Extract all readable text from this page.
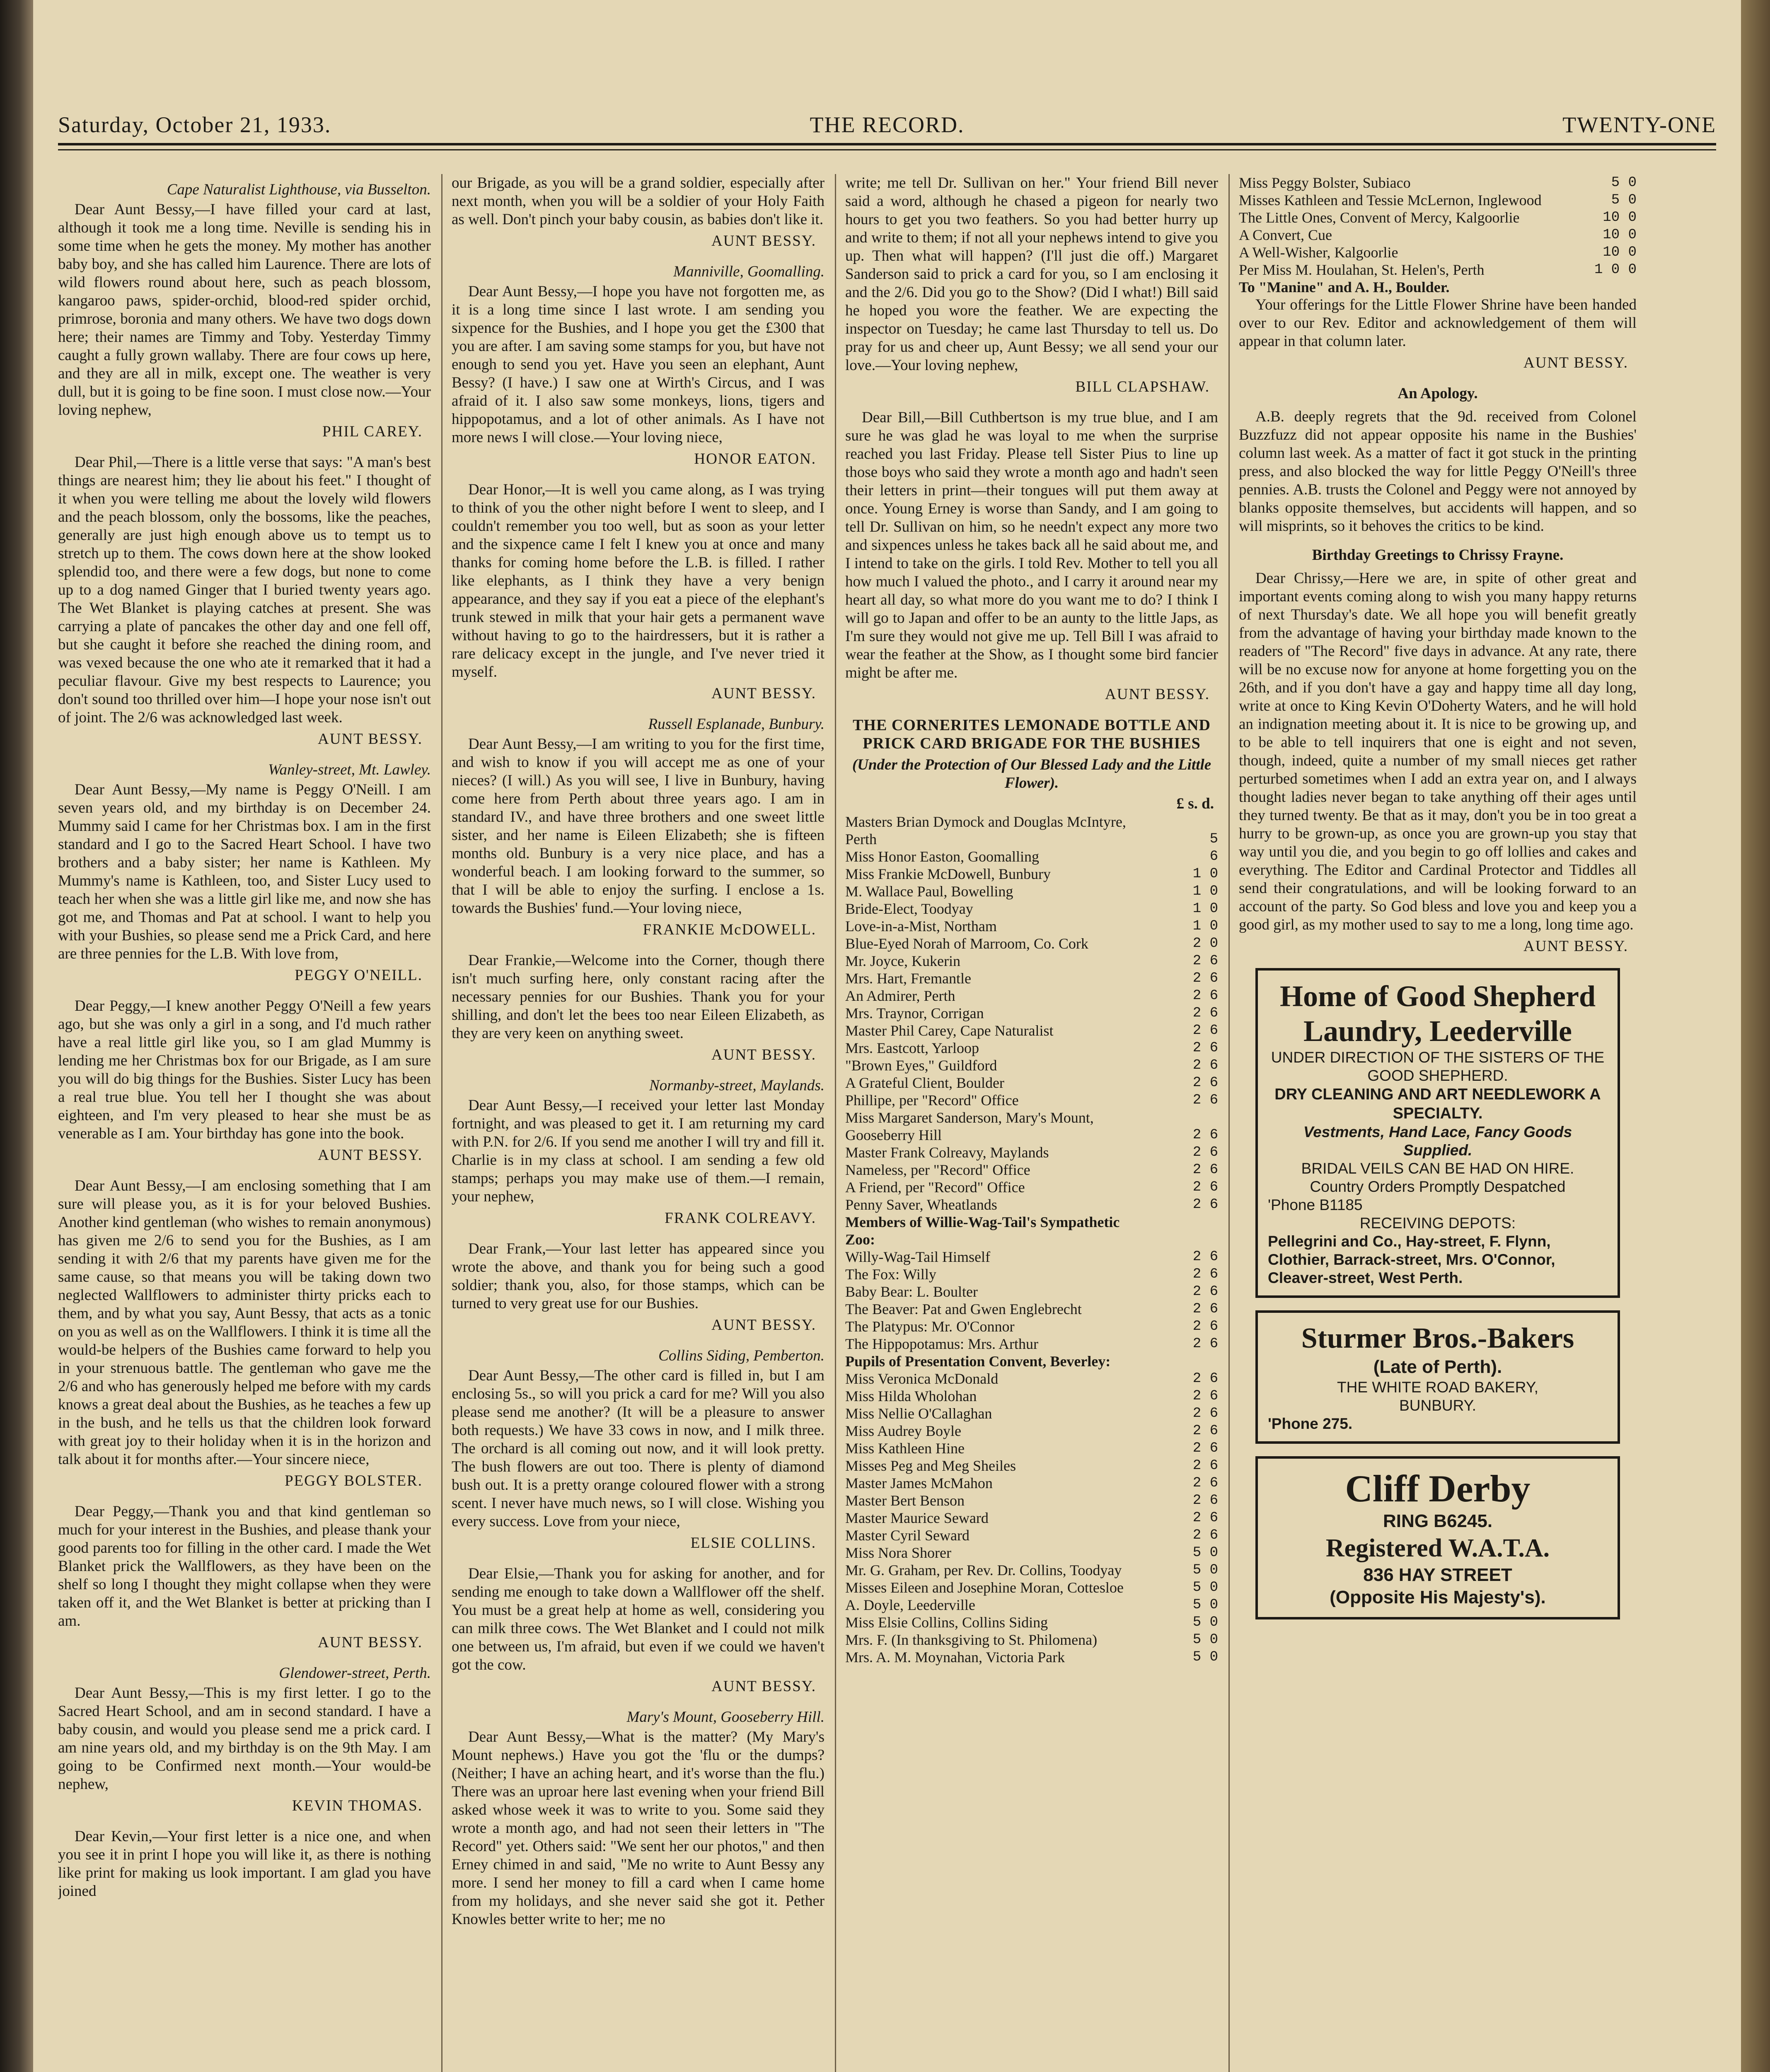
Saturday, October 21, 1933.	THE RECORD.	TWENTY-ONE

Cape Naturalist Lighthouse, via Busselton.

Dear Aunt Bessy,—I have filled your card at last, although it took me a long time. Neville is sending his in some time when he gets the money. My mother has another baby boy, and she has called him Laurence. There are lots of wild flowers round about here, such as peach blossom, kangaroo paws, spider-orchid, blood-red spider orchid, primrose, boronia and many others. We have two dogs down here; their names are Timmy and Toby. Yesterday Timmy caught a fully grown wallaby. There are four cows up here, and they are all in milk, except one. The weather is very dull, but it is going to be fine soon. I must close now.—Your loving nephew,

PHIL CAREY.

Dear Phil,—There is a little verse that says: "A man's best things are nearest him; they lie about his feet." I thought of it when you were telling me about the lovely wild flowers and the peach blossom, only the bossoms, like the peaches, generally are just high enough above us to tempt us to stretch up to them. The cows down here at the show looked splendid too, and there were a few dogs, but none to come up to a dog named Ginger that I buried twenty years ago. The Wet Blanket is playing catches at present. She was carrying a plate of pancakes the other day and one fell off, but she caught it before she reached the dining room, and was vexed because the one who ate it remarked that it had a peculiar flavour. Give my best respects to Laurence; you don't sound too thrilled over him—I hope your nose isn't out of joint. The 2/6 was acknowledged last week.

AUNT BESSY.

Wanley-street, Mt. Lawley.

Dear Aunt Bessy,—My name is Peggy O'Neill. I am seven years old, and my birthday is on December 24. Mummy said I came for her Christmas box. I am in the first standard and I go to the Sacred Heart School. I have two brothers and a baby sister; her name is Kathleen. My Mummy's name is Kathleen, too, and Sister Lucy used to teach her when she was a little girl like me, and now she has got me, and Thomas and Pat at school. I want to help you with your Bushies, so please send me a Prick Card, and here are three pennies for the L.B. With love from,

PEGGY O'NEILL.

Dear Peggy,—I knew another Peggy O'Neill a few years ago, but she was only a girl in a song, and I'd much rather have a real little girl like you, so I am glad Mummy is lending me her Christmas box for our Brigade, as I am sure you will do big things for the Bushies. Sister Lucy has been a real true blue. You tell her I thought she was about eighteen, and I'm very pleased to hear she must be as venerable as I am. Your birthday has gone into the book.

AUNT BESSY.

Dear Aunt Bessy,—I am enclosing something that I am sure will please you, as it is for your beloved Bushies. Another kind gentleman (who wishes to remain anonymous) has given me 2/6 to send you for the Bushies, as I am sending it with 2/6 that my parents have given me for the same cause, so that means you will be taking down two neglected Wallflowers to administer thirty pricks each to them, and by what you say, Aunt Bessy, that acts as a tonic on you as well as on the Wallflowers. I think it is time all the would-be helpers of the Bushies came forward to help you in your strenuous battle. The gentleman who gave me the 2/6 and who has generously helped me before with my cards knows a great deal about the Bushies, as he teaches a few up in the bush, and he tells us that the children look forward with great joy to their holiday when it is in the horizon and talk about it for months after.—Your sincere niece,

PEGGY BOLSTER.

Dear Peggy,—Thank you and that kind gentleman so much for your interest in the Bushies, and please thank your good parents too for filling in the other card. I made the Wet Blanket prick the Wallflowers, as they have been on the shelf so long I thought they might collapse when they were taken off it, and the Wet Blanket is better at pricking than I am.

AUNT BESSY.

Glendower-street, Perth.

Dear Aunt Bessy,—This is my first letter. I go to the Sacred Heart School, and am in second standard. I have a baby cousin, and would you please send me a prick card. I am nine years old, and my birthday is on the 9th May. I am going to be Confirmed next month.—Your would-be nephew,

KEVIN THOMAS.

Dear Kevin,—Your first letter is a nice one, and when you see it in print I hope you will like it, as there is nothing like print for making us look important. I am glad you have joined

our Brigade, as you will be a grand soldier, especially after next month, when you will be a soldier of your Holy Faith as well. Don't pinch your baby cousin, as babies don't like it.

AUNT BESSY.

Manniville, Goomalling.

Dear Aunt Bessy,—I hope you have not forgotten me, as it is a long time since I last wrote. I am sending you sixpence for the Bushies, and I hope you get the £300 that you are after. I am saving some stamps for you, but have not enough to send you yet. Have you seen an elephant, Aunt Bessy? (I have.) I saw one at Wirth's Circus, and I was afraid of it. I also saw some monkeys, lions, tigers and hippopotamus, and a lot of other animals. As I have not more news I will close.—Your loving niece,

HONOR EATON.

Dear Honor,—It is well you came along, as I was trying to think of you the other night before I went to sleep, and I couldn't remember you too well, but as soon as your letter and the sixpence came I felt I knew you at once and many thanks for coming home before the L.B. is filled. I rather like elephants, as I think they have a very benign appearance, and they say if you eat a piece of the elephant's trunk stewed in milk that your hair gets a permanent wave without having to go to the hairdressers, but it is rather a rare delicacy except in the jungle, and I've never tried it myself.

AUNT BESSY.

Russell Esplanade, Bunbury.

Dear Aunt Bessy,—I am writing to you for the first time, and wish to know if you will accept me as one of your nieces? (I will.) As you will see, I live in Bunbury, having come here from Perth about three years ago. I am in standard IV., and have three brothers and one sweet little sister, and her name is Eileen Elizabeth; she is fifteen months old. Bunbury is a very nice place, and has a wonderful beach. I am looking forward to the summer, so that I will be able to enjoy the surfing. I enclose a 1s. towards the Bushies' fund.—Your loving niece,

FRANKIE McDOWELL.

Dear Frankie,—Welcome into the Corner, though there isn't much surfing here, only constant racing after the necessary pennies for our Bushies. Thank you for your shilling, and don't let the bees too near Eileen Elizabeth, as they are very keen on anything sweet.

AUNT BESSY.

Normanby-street, Maylands.

Dear Aunt Bessy,—I received your letter last Monday fortnight, and was pleased to get it. I am returning my card with P.N. for 2/6. If you send me another I will try and fill it. Charlie is in my class at school. I am sending a few old stamps; perhaps you may make use of them.—I remain, your nephew,

FRANK COLREAVY.

Dear Frank,—Your last letter has appeared since you wrote the above, and thank you for being such a good soldier; thank you, also, for those stamps, which can be turned to very great use for our Bushies.

AUNT BESSY.

Collins Siding, Pemberton.

Dear Aunt Bessy,—The other card is filled in, but I am enclosing 5s., so will you prick a card for me? Will you also please send me another? (It will be a pleasure to answer both requests.) We have 33 cows in now, and I milk three. The orchard is all coming out now, and it will look pretty. The bush flowers are out too. There is plenty of diamond bush out. It is a pretty orange coloured flower with a strong scent. I never have much news, so I will close. Wishing you every success. Love from your niece,

ELSIE COLLINS.

Dear Elsie,—Thank you for asking for another, and for sending me enough to take down a Wallflower off the shelf. You must be a great help at home as well, considering you can milk three cows. The Wet Blanket and I could not milk one between us, I'm afraid, but even if we could we haven't got the cow.

AUNT BESSY.

Mary's Mount, Gooseberry Hill.

Dear Aunt Bessy,—What is the matter? (My Mary's Mount nephews.) Have you got the 'flu or the dumps? (Neither; I have an aching heart, and it's worse than the flu.) There was an uproar here last evening when your friend Bill asked whose week it was to write to you. Some said they wrote a month ago, and had not seen their letters in "The Record" yet. Others said: "We sent her our photos," and then Erney chimed in and said, "Me no write to Aunt Bessy any more. I send her money to fill a card when I came home from my holidays, and she never said she got it. Pether Knowles better write to her; me no

write; me tell Dr. Sullivan on her." Your friend Bill never said a word, although he chased a pigeon for nearly two hours to get you two feathers. So you had better hurry up and write to them; if not all your nephews intend to give you up. Then what will happen? (I'll just die off.) Margaret Sanderson said to prick a card for you, so I am enclosing it and the 2/6. Did you go to the Show? (Did I what!) Bill said he hoped you wore the feather. We are expecting the inspector on Tuesday; he came last Thursday to tell us. Do pray for us and cheer up, Aunt Bessy; we all send your our love.—Your loving nephew,

BILL CLAPSHAW.

Dear Bill,—Bill Cuthbertson is my true blue, and I am sure he was glad he was loyal to me when the surprise reached you last Friday. Please tell Sister Pius to line up those boys who said they wrote a month ago and hadn't seen their letters in print—their tongues will put them away at once. Young Erney is worse than Sandy, and I am going to tell Dr. Sullivan on him, so he needn't expect any more two and sixpences unless he takes back all he said about me, and I intend to take on the girls. I told Rev. Mother to tell you all how much I valued the photo., and I carry it around near my heart all day, so what more do you want me to do? I think I will go to Japan and offer to be an aunty to the little Japs, as I'm sure they would not give me up. Tell Bill I was afraid to wear the feather at the Show, as I thought some bird fancier might be after me.

AUNT BESSY.

THE CORNERITES LEMONADE BOTTLE AND PRICK CARD BRIGADE FOR THE BUSHIES
(Under the Protection of Our Blessed Lady and the Little Flower).
£ s. d.
Masters Brian Dymock and Douglas McIntyre, Perth	5
Miss Honor Easton, Goomalling	6
Miss Frankie McDowell, Bunbury	1 0
M. Wallace Paul, Bowelling	1 0
Bride-Elect, Toodyay	1 0
Love-in-a-Mist, Northam	1 0
Blue-Eyed Norah of Marroom, Co. Cork	2 0
Mr. Joyce, Kukerin	2 6
Mrs. Hart, Fremantle	2 6
An Admirer, Perth	2 6
Mrs. Traynor, Corrigan	2 6
Master Phil Carey, Cape Naturalist	2 6
Mrs. Eastcott, Yarloop	2 6
"Brown Eyes," Guildford	2 6
A Grateful Client, Boulder	2 6
Phillipe, per "Record" Office	2 6
Miss Margaret Sanderson, Mary's Mount, Gooseberry Hill	2 6
Master Frank Colreavy, Maylands	2 6
Nameless, per "Record" Office	2 6
A Friend, per "Record" Office	2 6
Penny Saver, Wheatlands	2 6
Members of Willie-Wag-Tail's Sympathetic Zoo:	
Willy-Wag-Tail Himself	2 6
The Fox: Willy	2 6
Baby Bear: L. Boulter	2 6
The Beaver: Pat and Gwen Englebrecht	2 6
The Platypus: Mr. O'Connor	2 6
The Hippopotamus: Mrs. Arthur	2 6
Pupils of Presentation Convent, Beverley:	
Miss Veronica McDonald	2 6
Miss Hilda Wholohan	2 6
Miss Nellie O'Callaghan	2 6
Miss Audrey Boyle	2 6
Miss Kathleen Hine	2 6
Misses Peg and Meg Sheiles	2 6
Master James McMahon	2 6
Master Bert Benson	2 6
Master Maurice Seward	2 6
Master Cyril Seward	2 6
Miss Nora Shorer	5 0
Mr. G. Graham, per Rev. Dr. Collins, Toodyay	5 0
Misses Eileen and Josephine Moran, Cottesloe	5 0
A. Doyle, Leederville	5 0
Miss Elsie Collins, Collins Siding	5 0
Mrs. F. (In thanksgiving to St. Philomena)	5 0
Mrs. A. M. Moynahan, Victoria Park	5 0
Miss Peggy Bolster, Subiaco	5 0
Misses Kathleen and Tessie McLernon, Inglewood	5 0
The Little Ones, Convent of Mercy, Kalgoorlie	10 0
A Convert, Cue	10 0
A Well-Wisher, Kalgoorlie	10 0
Per Miss M. Houlahan, St. Helen's, Perth	1 0 0
To "Manine" and A. H., Boulder.	

Your offerings for the Little Flower Shrine have been handed over to our Rev. Editor and acknowledgement of them will appear in that column later.

AUNT BESSY.

An Apology.

A.B. deeply regrets that the 9d. received from Colonel Buzzfuzz did not appear opposite his name in the Bushies' column last week. As a matter of fact it got stuck in the printing press, and also blocked the way for little Peggy O'Neill's three pennies. A.B. trusts the Colonel and Peggy were not annoyed by blanks opposite themselves, but accidents will happen, and so will misprints, so it behoves the critics to be kind.

Birthday Greetings to Chrissy Frayne.

Dear Chrissy,—Here we are, in spite of other great and important events coming along to wish you many happy returns of next Thursday's date. We all hope you will benefit greatly from the advantage of having your birthday made known to the readers of "The Record" five days in advance. At any rate, there will be no excuse now for anyone at home forgetting you on the 26th, and if you don't have a gay and happy time all day long, write at once to King Kevin O'Doherty Waters, and he will hold an indignation meeting about it. It is nice to be growing up, and to be able to tell inquirers that one is eight and not seven, though, indeed, quite a number of my small nieces get rather perturbed sometimes when I add an extra year on, and I always thought ladies never began to take anything off their ages until they turned twenty. Be that as it may, don't you be in too great a hurry to be grown-up, as once you are grown-up you stay that way until you die, and you begin to go off lollies and cakes and everything. The Editor and Cardinal Protector and Tiddles all send their congratulations, and will be looking forward to an account of the party. So God bless and love you and keep you a good girl, as my mother used to say to me a long, long time ago.

AUNT BESSY.

Home of Good Shepherd
Laundry, Leederville
UNDER DIRECTION OF THE SISTERS OF THE GOOD SHEPHERD.
DRY CLEANING AND ART NEEDLEWORK A SPECIALTY.
Vestments, Hand Lace, Fancy Goods Supplied.
BRIDAL VEILS CAN BE HAD ON HIRE.
Country Orders Promptly Despatched
'Phone B1185
RECEIVING DEPOTS:
Pellegrini and Co., Hay-street, F. Flynn, Clothier, Barrack-street, Mrs. O'Connor, Cleaver-street, West Perth.
Sturmer Bros.-Bakers
(Late of Perth).
THE WHITE ROAD BAKERY,
BUNBURY.
'Phone 275.
Cliff Derby
RING B6245.
Registered W.A.T.A.
836 HAY STREET
(Opposite His Majesty's).
